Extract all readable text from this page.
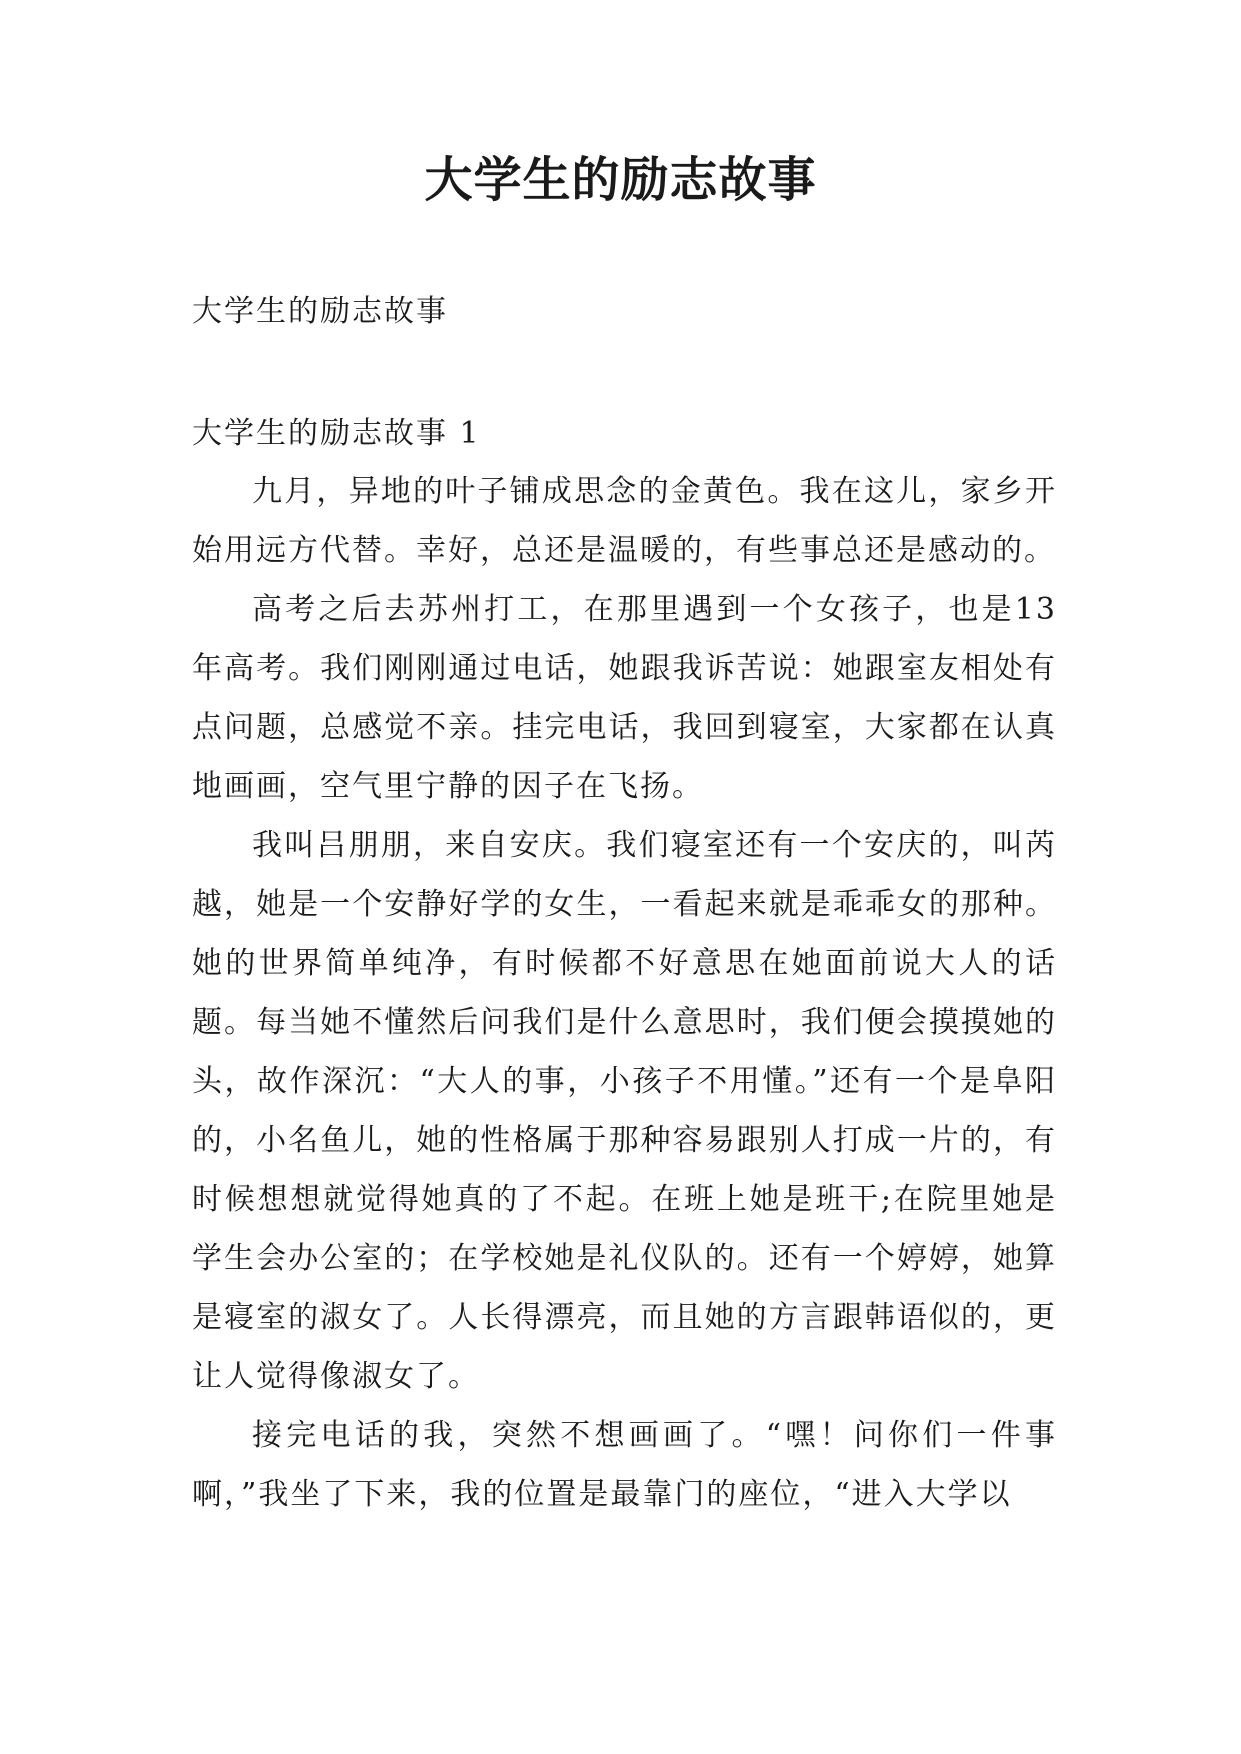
大学生的励志故事
大学生的励志故事
大学生的励志故事 1

九月，异地的叶子铺成思念的金黄色。我在这儿，家乡开始用远方代替。幸好，总还是温暖的，有些事总还是感动的。

高考之后去苏州打工，在那里遇到一个女孩子，也是13年高考。我们刚刚通过电话，她跟我诉苦说：她跟室友相处有点问题，总感觉不亲。挂完电话，我回到寝室，大家都在认真地画画，空气里宁静的因子在飞扬。

我叫吕朋朋，来自安庆。我们寝室还有一个安庆的，叫芮越，她是一个安静好学的女生，一看起来就是乖乖女的那种。她的世界简单纯净，有时候都不好意思在她面前说大人的话题。每当她不懂然后问我们是什么意思时，我们便会摸摸她的头，故作深沉：“大人的事，小孩子不用懂。”还有一个是阜阳的，小名鱼儿，她的性格属于那种容易跟别人打成一片的，有时候想想就觉得她真的了不起。在班上她是班干;在院里她是学生会办公室的；在学校她是礼仪队的。还有一个婷婷，她算是寝室的淑女了。人长得漂亮，而且她的方言跟韩语似的，更让人觉得像淑女了。

接完电话的我，突然不想画画了。“嘿！问你们一件事啊，”我坐了下来，我的位置是最靠门的座位，“进入大学以
